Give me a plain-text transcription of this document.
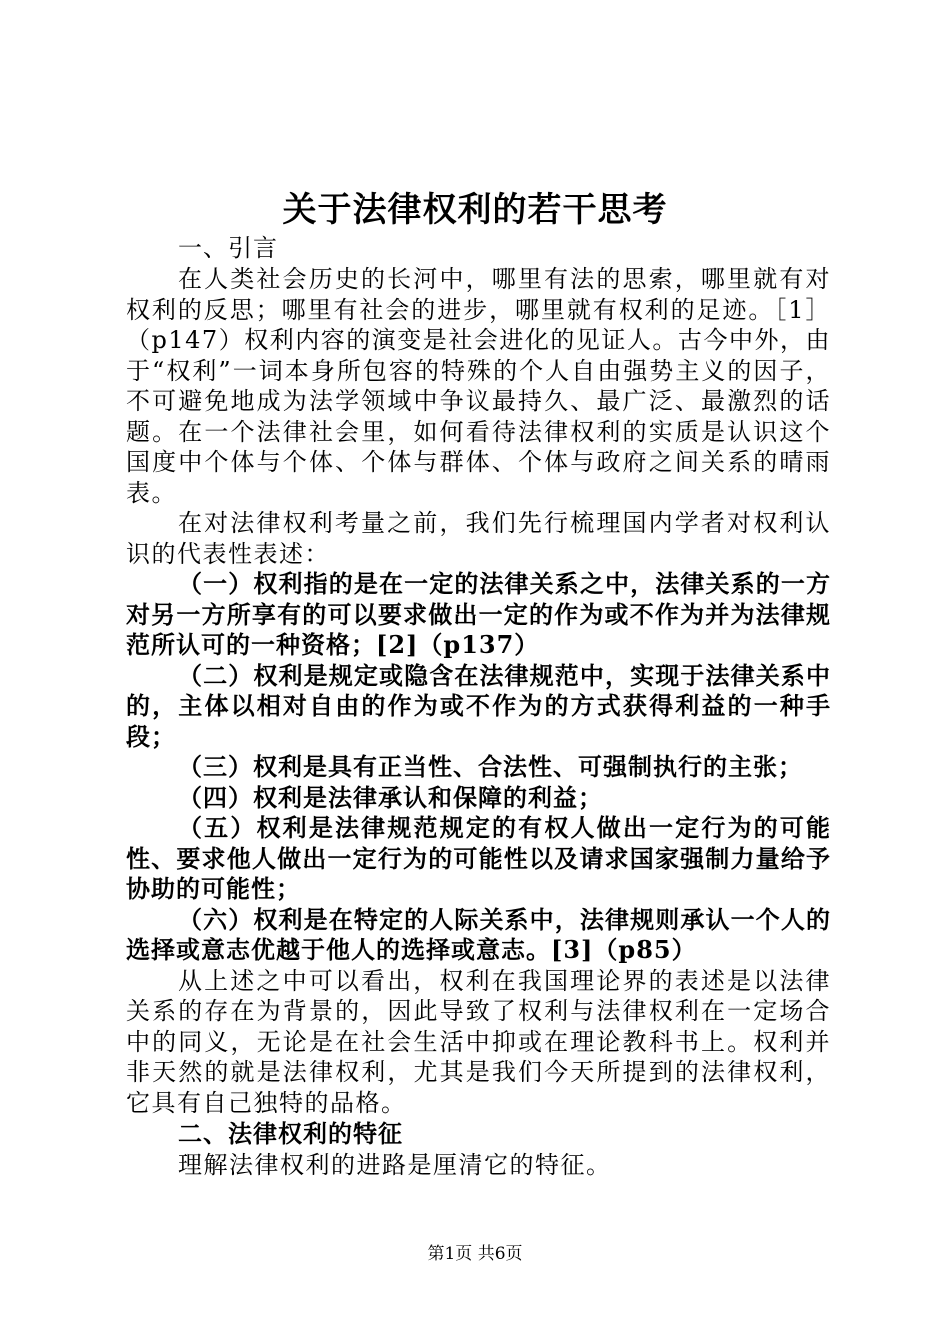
关于法律权利的若干思考

一、引言

在人类社会历史的长河中，哪里有法的思索，哪里就有对权利的反思；哪里有社会的进步，哪里就有权利的足迹。［1］（p147）权利内容的演变是社会进化的见证人。古今中外，由于“权利”一词本身所包容的特殊的个人自由强势主义的因子，不可避免地成为法学领域中争议最持久、最广泛、最激烈的话题。在一个法律社会里，如何看待法律权利的实质是认识这个国度中个体与个体、个体与群体、个体与政府之间关系的晴雨表。

在对法律权利考量之前，我们先行梳理国内学者对权利认识的代表性表述：

（一）权利指的是在一定的法律关系之中，法律关系的一方对另一方所享有的可以要求做出一定的作为或不作为并为法律规范所认可的一种资格；[2]（p137）

（二）权利是规定或隐含在法律规范中，实现于法律关系中的，主体以相对自由的作为或不作为的方式获得利益的一种手段；

（三）权利是具有正当性、合法性、可强制执行的主张；

（四）权利是法律承认和保障的利益；

（五）权利是法律规范规定的有权人做出一定行为的可能性、要求他人做出一定行为的可能性以及请求国家强制力量给予协助的可能性；

（六）权利是在特定的人际关系中，法律规则承认一个人的选择或意志优越于他人的选择或意志。[3]（p85）

从上述之中可以看出，权利在我国理论界的表述是以法律关系的存在为背景的，因此导致了权利与法律权利在一定场合中的同义，无论是在社会生活中抑或在理论教科书上。权利并非天然的就是法律权利，尤其是我们今天所提到的法律权利，它具有自己独特的品格。

二、法律权利的特征

理解法律权利的进路是厘清它的特征。

第1页 共6页
